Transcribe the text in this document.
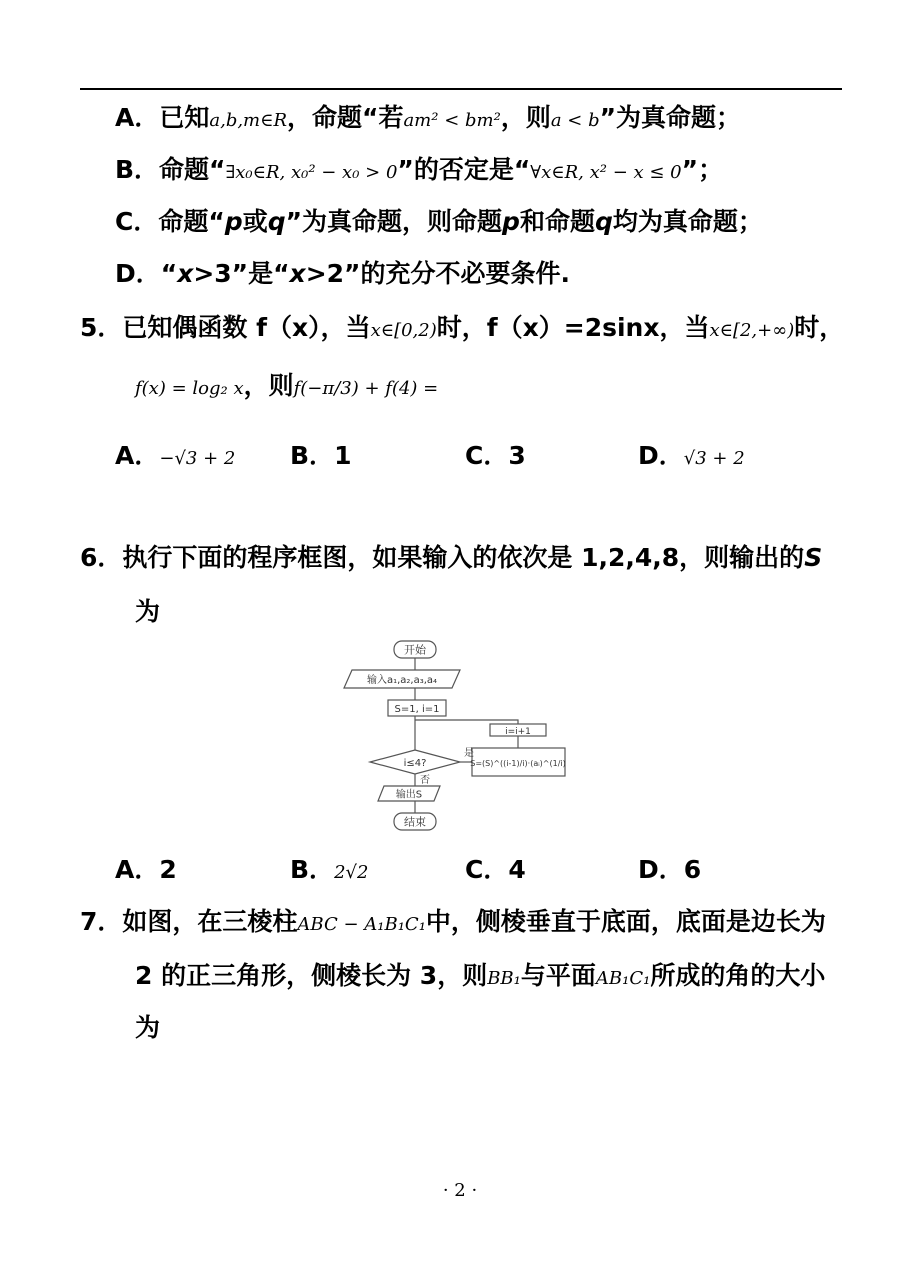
A．已知a,b,m∈R，命题“若am² < bm²，则a < b”为真命题；
B．命题“∃x₀∈R, x₀² − x₀ > 0”的否定是“∀x∈R, x² − x ≤ 0”；
C．命题“p或q”为真命题，则命题p和命题q均为真命题；
D．“x>3”是“x>2”的充分不必要条件.
5．已知偶函数 f（x），当x∈[0,2)时，f（x）=2sinx，当x∈[2,+∞)时，
f(x) = log₂ x，则f(−π/3) + f(4) =
A．−√3 + 2 B．1	C．3	D．√3 + 2
6．执行下面的程序框图，如果输入的依次是 1,2,4,8，则输出的S
为
开始
输入a₁,a₂,a₃,a₄
S=1, i=1
i≤4?
是
否
S=(S)^((i-1)/i)·(aᵢ)^(1/i)
i=i+1
输出S
结束
A．2	B．2√2	C．4	D．6
7．如图，在三棱柱ABC − A₁B₁C₁中，侧棱垂直于底面，底面是边长为
2 的正三角形，侧棱长为 3，则BB₁与平面AB₁C₁所成的角的大小
为
· 2 ·
